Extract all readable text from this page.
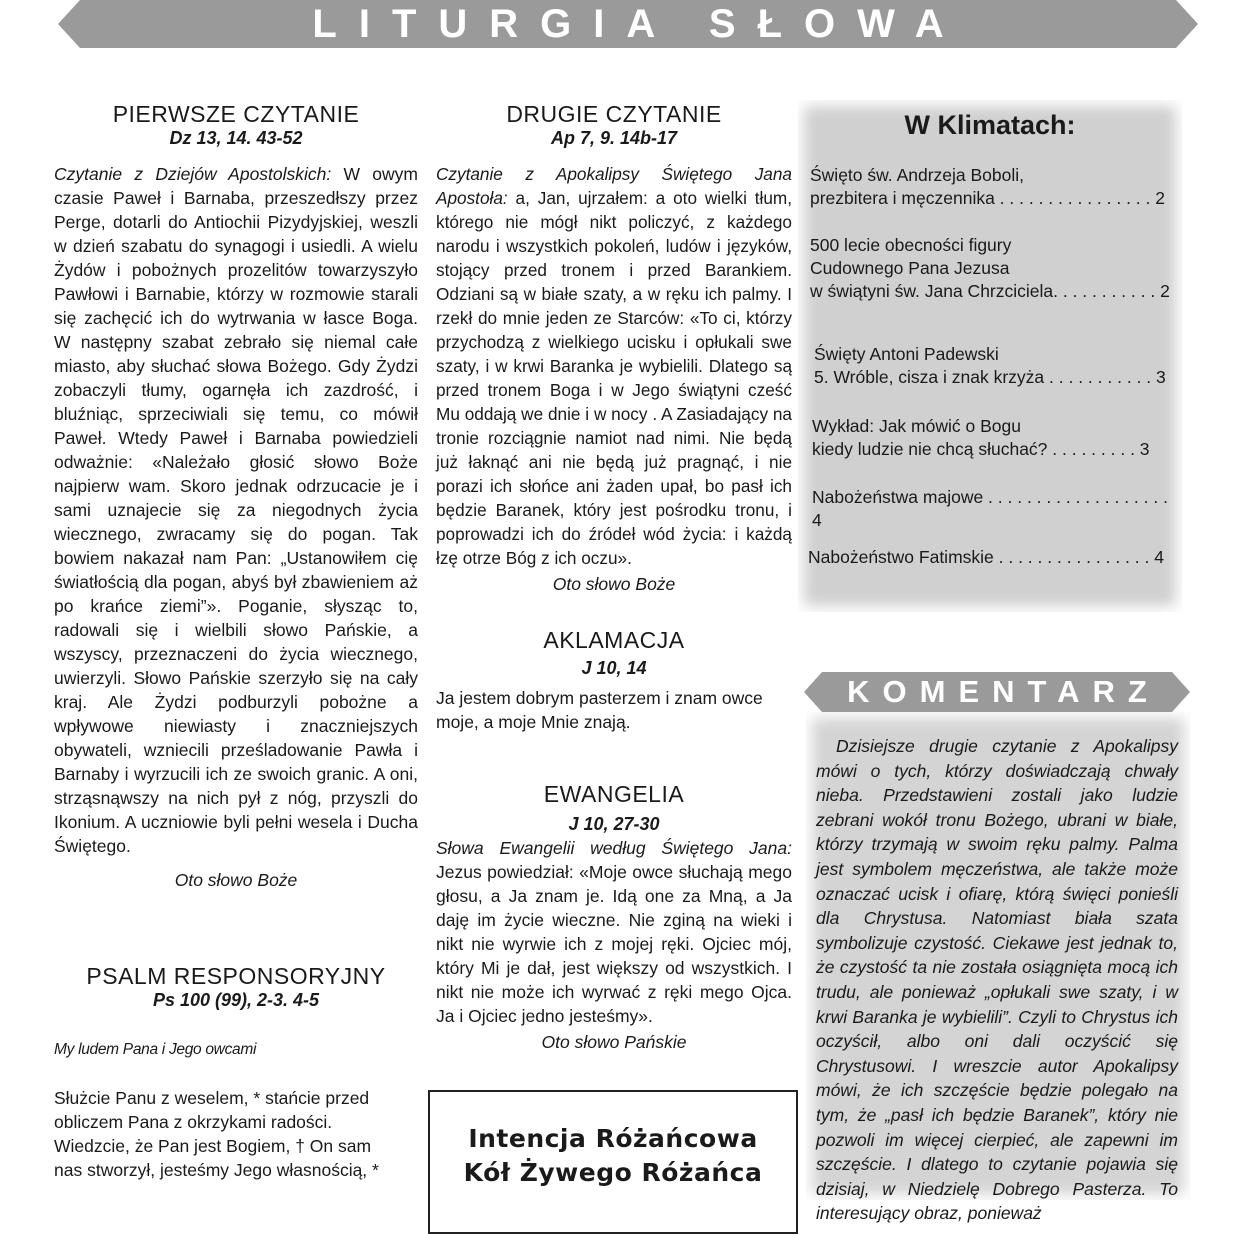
LITURGIA SŁOWA

PIERWSZE CZYTANIE

Dz 13, 14. 43-52

Czytanie z Dziejów Apostolskich: W owym czasie Paweł i Barnaba, przeszedłszy przez Perge, dotarli do Antiochii Pizydyjskiej, weszli w dzień szabatu do synagogi i usiedli. A wielu Żydów i pobożnych prozelitów towarzyszyło Pawłowi i Barnabie, którzy w rozmowie starali się zachęcić ich do wytrwania w łasce Boga. W następny szabat zebrało się niemal całe miasto, aby słuchać słowa Bożego. Gdy Żydzi zobaczyli tłumy, ogarnęła ich zazdrość, i bluźniąc, sprzeciwiali się temu, co mówił Paweł. Wtedy Paweł i Barnaba powiedzieli odważnie: «Należało głosić słowo Boże najpierw wam. Skoro jednak odrzucacie je i sami uznajecie się za niegodnych życia wiecznego, zwracamy się do pogan. Tak bowiem nakazał nam Pan: „Ustanowiłem cię światłością dla pogan, abyś był zbawieniem aż po krańce ziemi”». Poganie, słysząc to, radowali się i wielbili słowo Pańskie, a wszyscy, przeznaczeni do życia wiecznego, uwierzyli. Słowo Pańskie szerzyło się na cały kraj. Ale Żydzi podburzyli pobożne a wpływowe niewiasty i znaczniejszych obywateli, wzniecili prześladowanie Pawła i Barnaby i wyrzucili ich ze swoich granic. A oni, strząsnąwszy na nich pył z nóg, przyszli do Ikonium. A uczniowie byli pełni wesela i Ducha Świętego.

Oto słowo Boże

PSALM RESPONSORYJNY

Ps 100 (99), 2-3. 4-5

My ludem Pana i Jego owcami

Służcie Panu z weselem, * stańcie przed obliczem Pana z okrzykami radości. Wiedzcie, że Pan jest Bogiem, † On sam nas stworzył, jesteśmy Jego własnością, *

DRUGIE CZYTANIE

Ap 7, 9. 14b-17

Czytanie z Apokalipsy Świętego Jana Apostoła: a, Jan, ujrzałem: a oto wielki tłum, którego nie mógł nikt policzyć, z każdego narodu i wszystkich pokoleń, ludów i języków, stojący przed tronem i przed Barankiem. Odziani są w białe szaty, a w ręku ich palmy. I rzekł do mnie jeden ze Starców: «To ci, którzy przychodzą z wielkiego ucisku i opłukali swe szaty, i w krwi Baranka je wybielili. Dlatego są przed tronem Boga i w Jego świątyni cześć Mu oddają we dnie i w nocy . A Zasiadający na tronie rozciągnie namiot nad nimi. Nie będą już łaknąć ani nie będą już pragnąć, i nie porazi ich słońce ani żaden upał, bo pasł ich będzie Baranek, który jest pośrodku tronu, i poprowadzi ich do źródeł wód życia: i każdą łzę otrze Bóg z ich oczu».

Oto słowo Boże

AKLAMACJA

J 10, 14

Ja jestem dobrym pasterzem i znam owce moje, a moje Mnie znają.

EWANGELIA

J 10, 27-30

Słowa Ewangelii według Świętego Jana: Jezus powiedział: «Moje owce słuchają mego głosu, a Ja znam je. Idą one za Mną, a Ja daję im życie wieczne. Nie zginą na wieki i nikt nie wyrwie ich z mojej ręki. Ojciec mój, który Mi je dał, jest większy od wszystkich. I nikt nie może ich wyrwać z ręki mego Ojca. Ja i Ojciec jedno jesteśmy».

Oto słowo Pańskie

Intencja Różańcowa
Kół Żywego Różańca
W Klimatach:
Święto św. Andrzeja Boboli,
prezbitera i męczennika . . . . . . . . . . . . . . . . 2
500 lecie obecności figury
Cudownego Pana Jezusa
w świątyni św. Jana Chrzciciela. . . . . . . . . . . 2
Święty Antoni Padewski
5. Wróble, cisza i znak krzyża . . . . . . . . . . . 3
Wykład: Jak mówić o Bogu
kiedy ludzie nie chcą słuchać? . . . . . . . . . 3
Nabożeństwa majowe . . . . . . . . . . . . . . . . . . . 4
Nabożeństwo Fatimskie . . . . . . . . . . . . . . . . 4
KOMENTARZ

Dzisiejsze drugie czytanie z Apokalipsy mówi o tych, którzy doświadczają chwały nieba. Przedstawieni zostali jako ludzie zebrani wokół tronu Bożego, ubrani w białe, którzy trzymają w swoim ręku palmy. Palma jest symbolem męczeństwa, ale także może oznaczać ucisk i ofiarę, którą święci ponieśli dla Chrystusa. Natomiast biała szata symbolizuje czystość. Ciekawe jest jednak to, że czystość ta nie została osiągnięta mocą ich trudu, ale ponieważ „opłukali swe szaty, i w krwi Baranka je wybielili”. Czyli to Chrystus ich oczyścił, albo oni dali oczyścić się Chrystusowi. I wreszcie autor Apokalipsy mówi, że ich szczęście będzie polegało na tym, że „pasł ich będzie Baranek”, który nie pozwoli im więcej cierpieć, ale zapewni im szczęście. I dlatego to czytanie pojawia się dzisiaj, w Niedzielę Dobrego Pasterza. To interesujący obraz, ponieważ
